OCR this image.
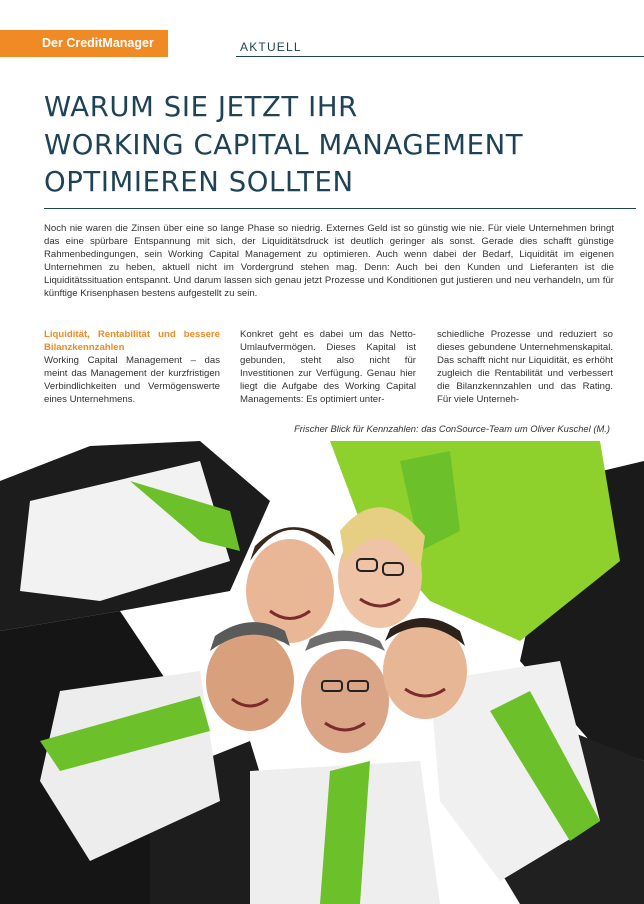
Der CreditManager	AKTUELL
WARUM SIE JETZT IHR
WORKING CAPITAL MANAGEMENT
OPTIMIEREN SOLLTEN

Noch nie waren die Zinsen über eine so lange Phase so niedrig. Externes Geld ist so günstig wie nie. Für viele Unternehmen bringt das eine spürbare Entspannung mit sich, der Liquiditätsdruck ist deutlich geringer als sonst. Gerade dies schafft günstige Rahmenbedingungen, sein Working Capital Management zu optimieren. Auch wenn dabei der Bedarf, Liquidität im eigenen Unternehmen zu heben, aktuell nicht im Vordergrund stehen mag. Denn: Auch bei den Kunden und Lieferanten ist die Liquiditätssituation entspannt. Und darum lassen sich genau jetzt Prozesse und Konditionen gut justieren und neu verhandeln, um für künftige Krisenphasen bestens aufgestellt zu sein.

Liquidität, Rentabilität und bessere Bilanzkennzahlen
Working Capital Management – das meint das Management der kurzfristigen Verbindlichkeiten und Vermögenswerte eines Unternehmens.
Konkret geht es dabei um das Netto-Umlaufvermögen. Dieses Kapital ist gebunden, steht also nicht für Investitionen zur Verfügung. Genau hier liegt die Aufgabe des Working Capital Managements: Es optimiert unter-
schiedliche Prozesse und reduziert so dieses gebundene Unternehmenskapital. Das schafft nicht nur Liquidität, es erhöht zugleich die Rentabilität und verbessert die Bilanzkennzahlen und das Rating. Für viele Unterneh-
Frischer Blick für Kennzahlen: das ConSource-Team um Oliver Kuschel (M.)
